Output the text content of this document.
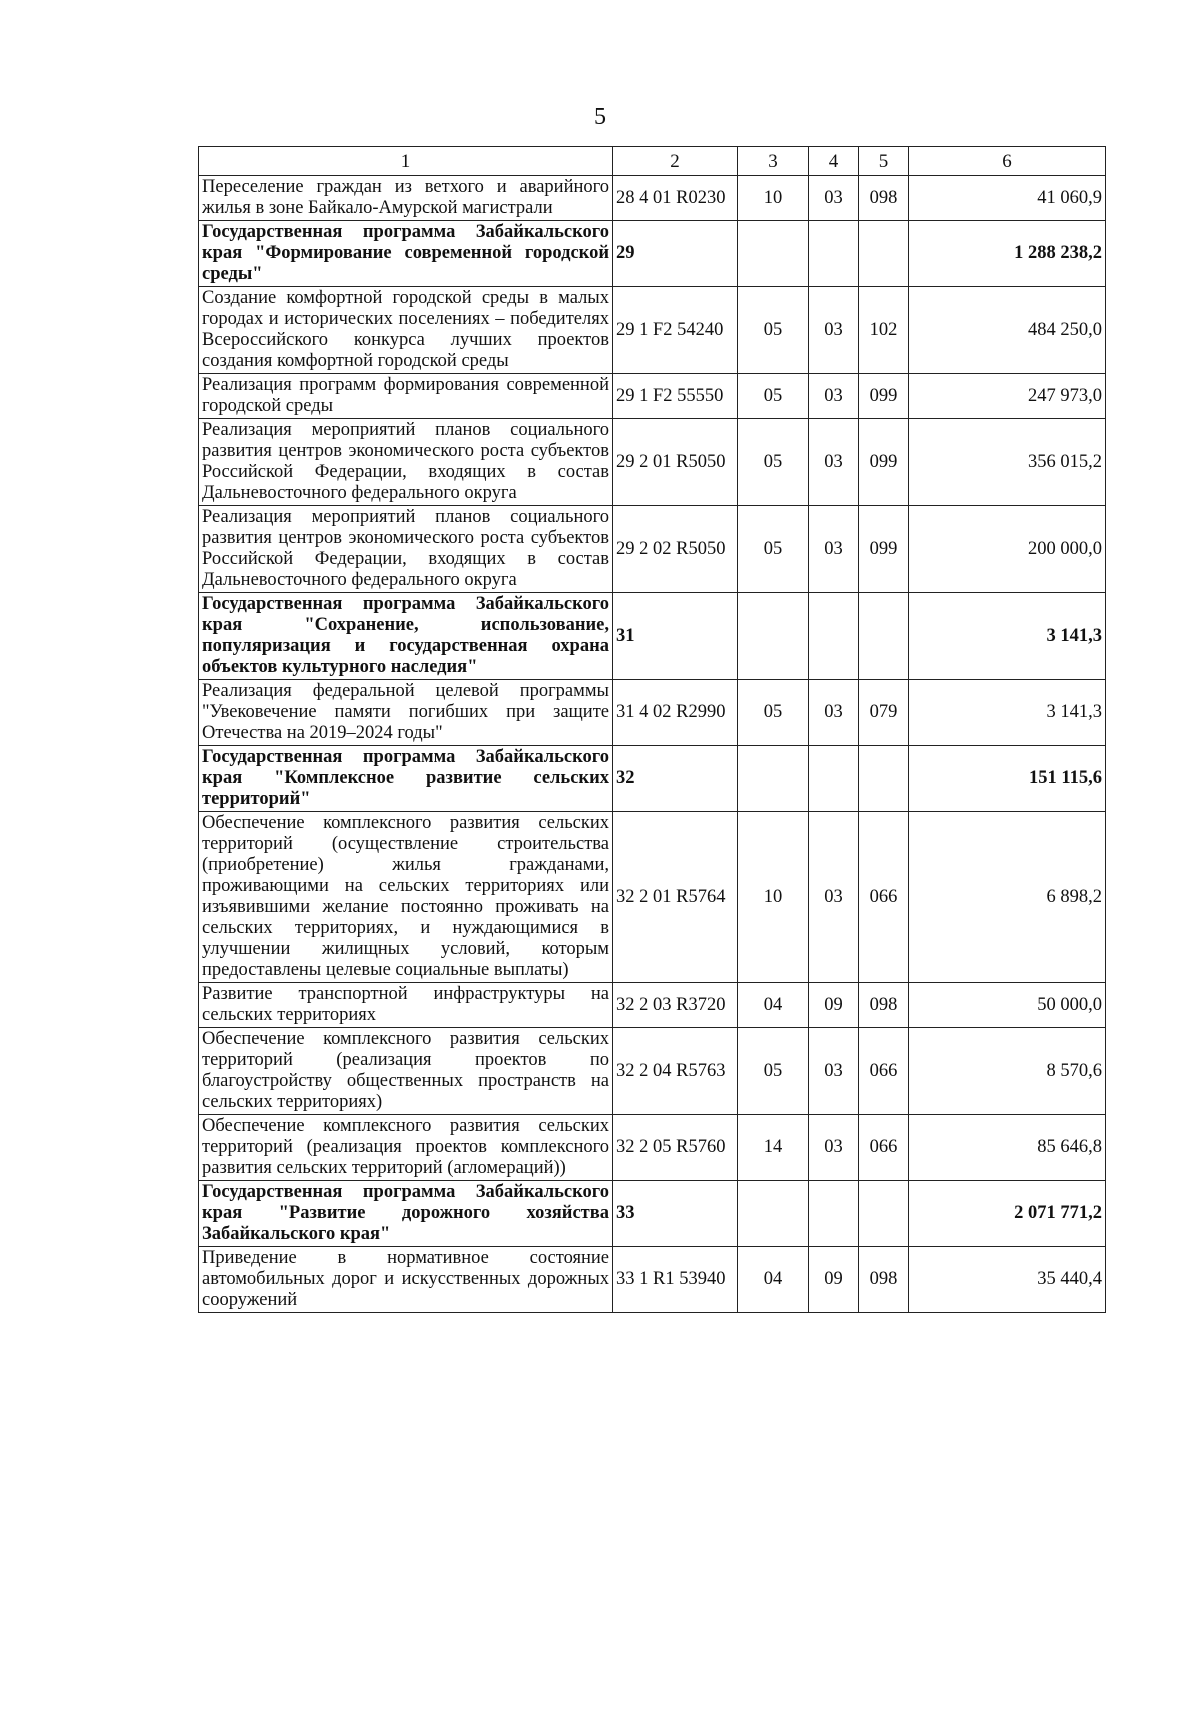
5
1	2	3	4	5	6
Переселение граждан из ветхого и аварийного жилья в зоне Байкало-Амурской магистрали	28 4 01 R0230	10	03	098	41 060,9
Государственная программа Забайкальского края "Формирование современной городской среды"	29				1 288 238,2
Создание комфортной городской среды в малых городах и исторических поселениях – победителях Всероссийского конкурса лучших проектов создания комфортной городской среды	29 1 F2 54240	05	03	102	484 250,0
Реализация программ формирования современной городской среды	29 1 F2 55550	05	03	099	247 973,0
Реализация мероприятий планов социального развития центров экономического роста субъектов Российской Федерации, входящих в состав Дальневосточного федерального округа	29 2 01 R5050	05	03	099	356 015,2
Реализация мероприятий планов социального развития центров экономического роста субъектов Российской Федерации, входящих в состав Дальневосточного федерального округа	29 2 02 R5050	05	03	099	200 000,0
Государственная программа Забайкальского края "Сохранение, использование, популяризация и государственная охрана объектов культурного наследия"	31				3 141,3
Реализация федеральной целевой программы "Увековечение памяти погибших при защите Отечества на 2019–2024 годы"	31 4 02 R2990	05	03	079	3 141,3
Государственная программа Забайкальского края "Комплексное развитие сельских территорий"	32				151 115,6
Обеспечение комплексного развития сельских территорий (осуществление строительства (приобретение) жилья гражданами, проживающими на сельских территориях или изъявившими желание постоянно проживать на сельских территориях, и нуждающимися в улучшении жилищных условий, которым предоставлены целевые социальные выплаты)	32 2 01 R5764	10	03	066	6 898,2
Развитие транспортной инфраструктуры на сельских территориях	32 2 03 R3720	04	09	098	50 000,0
Обеспечение комплексного развития сельских территорий (реализация проектов по благоустройству общественных пространств на сельских территориях)	32 2 04 R5763	05	03	066	8 570,6
Обеспечение комплексного развития сельских территорий (реализация проектов комплексного развития сельских территорий (агломераций))	32 2 05 R5760	14	03	066	85 646,8
Государственная программа Забайкальского края "Развитие дорожного хозяйства Забайкальского края"	33				2 071 771,2
Приведение в нормативное состояние автомобильных дорог и искусственных дорожных сооружений	33 1 R1 53940	04	09	098	35 440,4
